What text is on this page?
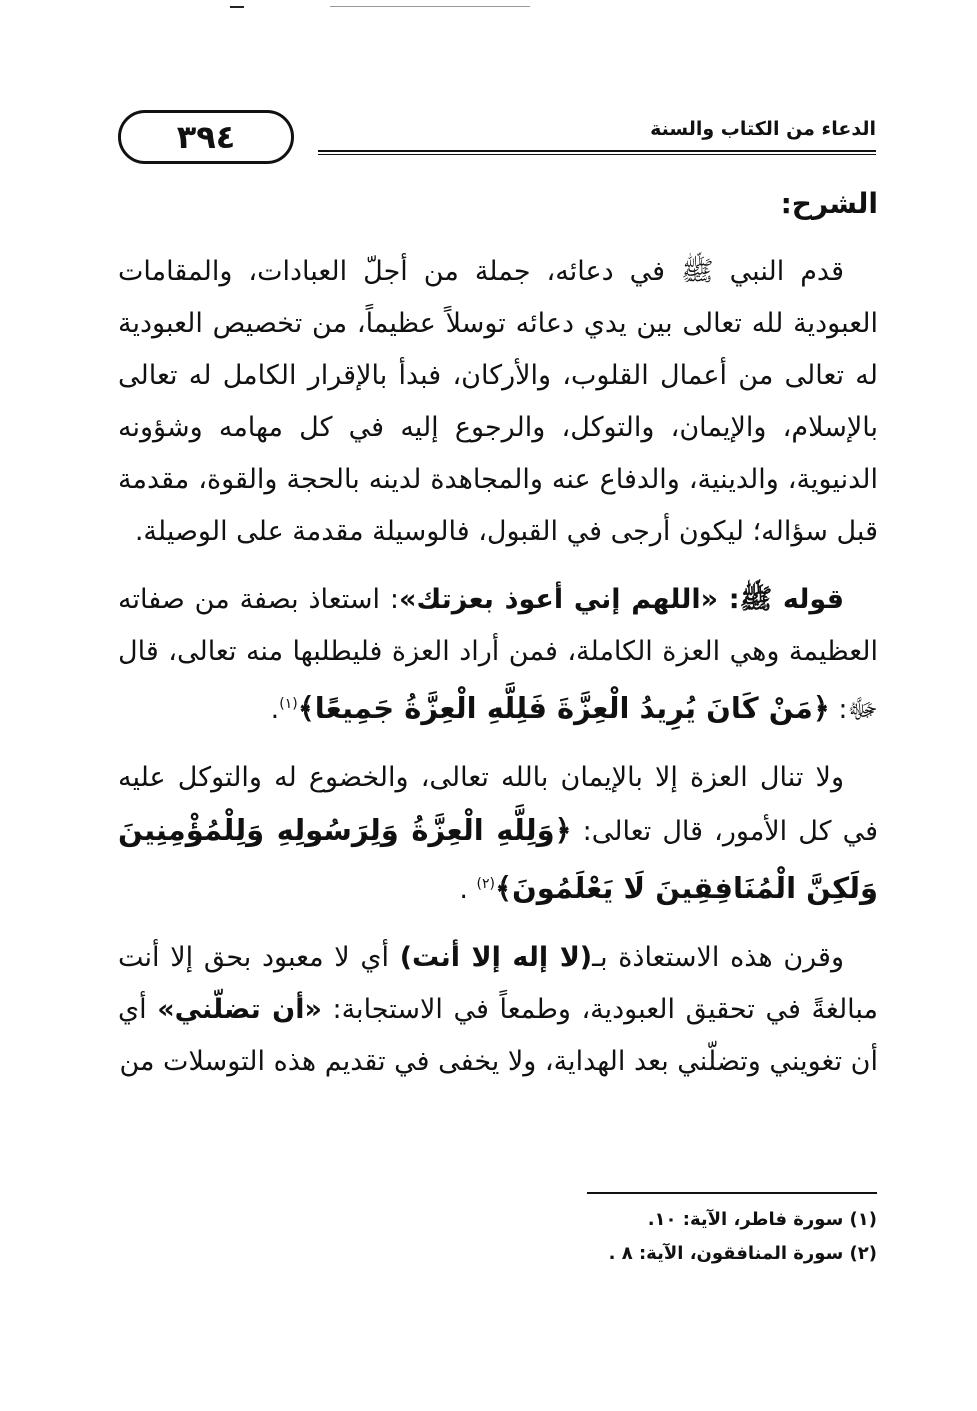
الدعاء من الكتاب والسنة
٣٩٤
الشرح:

قدم النبي ﷺ في دعائه، جملة من أجلّ العبادات، والمقامات العبودية لله تعالى بين يدي دعائه توسلاً عظيماً، من تخصيص العبودية له تعالى من أعمال القلوب، والأركان، فبدأ بالإقرار الكامل له تعالى بالإسلام، والإيمان، والتوكل، والرجوع إليه في كل مهامه وشؤونه الدنيوية، والدينية، والدفاع عنه والمجاهدة لدينه بالحجة والقوة، مقدمة قبل سؤاله؛ ليكون أرجى في القبول، فالوسيلة مقدمة على الوصيلة.

قوله ﷺ: «اللهم إني أعوذ بعزتك»: استعاذ بصفة من صفاته العظيمة وهي العزة الكاملة، فمن أراد العزة فليطلبها منه تعالى، قال ﷻ: ﴿مَنْ كَانَ يُرِيدُ الْعِزَّةَ فَلِلَّهِ الْعِزَّةُ جَمِيعًا﴾$^{(١)}$.

ولا تنال العزة إلا بالإيمان بالله تعالى، والخضوع له والتوكل عليه في كل الأمور، قال تعالى: ﴿وَلِلَّهِ الْعِزَّةُ وَلِرَسُولِهِ وَلِلْمُؤْمِنِينَ وَلَكِنَّ الْمُنَافِقِينَ لَا يَعْلَمُونَ﴾$^{(٢)}$ .

وقرن هذه الاستعاذة بـ(لا إله إلا أنت) أي لا معبود بحق إلا أنت مبالغةً في تحقيق العبودية، وطمعاً في الاستجابة: «أن تضلّني» أي أن تغويني وتضلّني بعد الهداية، ولا يخفى في تقديم هذه التوسلات من

(١) سورة فاطر، الآية: ١٠.
(٢) سورة المنافقون، الآية: ٨ .
